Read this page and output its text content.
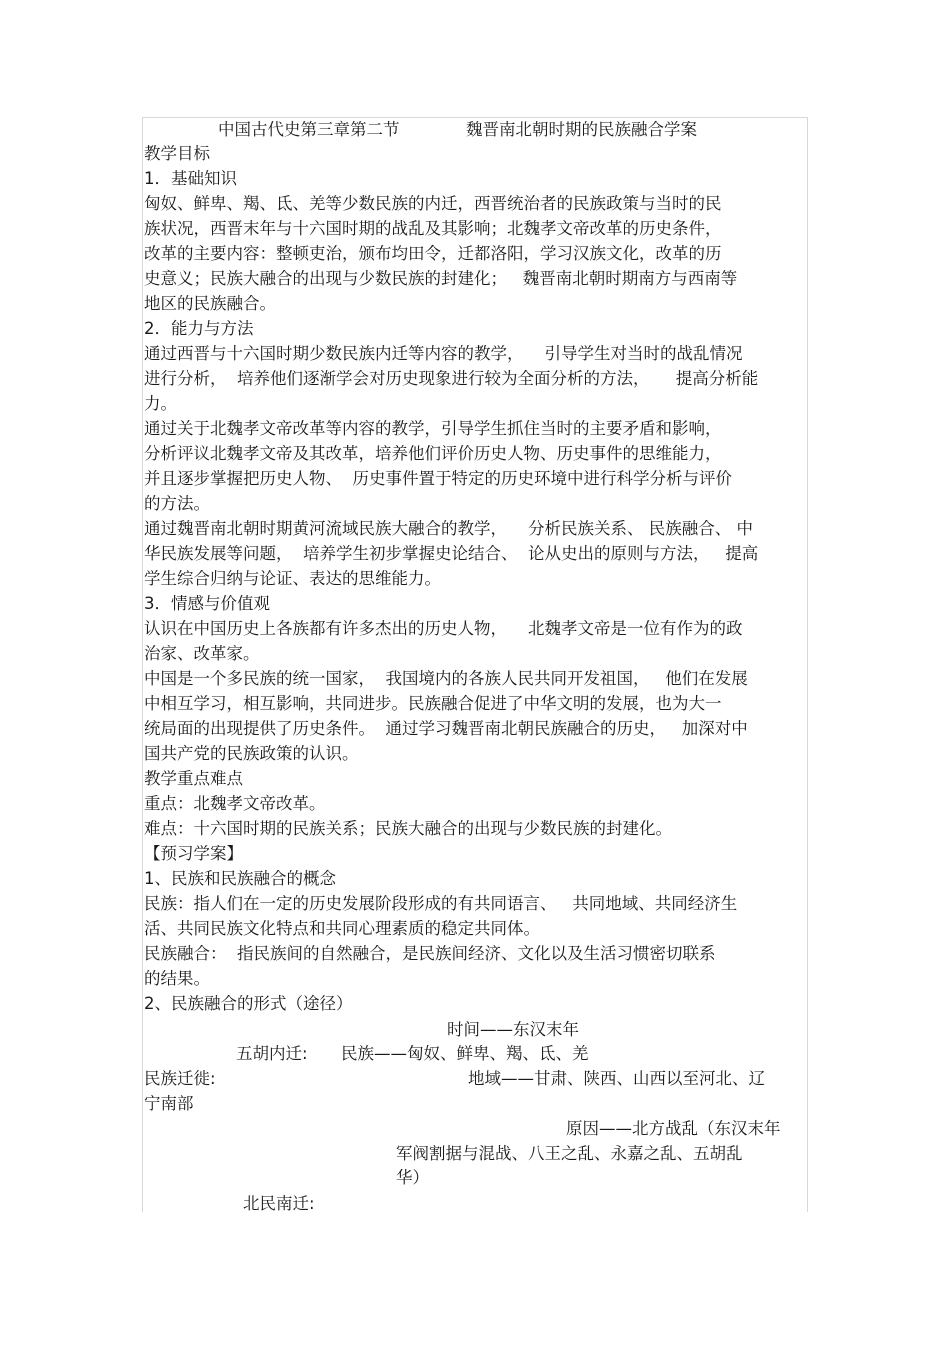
中国古代史第三章第二节	魏晋南北朝时期的民族融合学案
教学目标
1．基础知识
匈奴、鲜卑、羯、氐、羌等少数民族的内迁，西晋统治者的民族政策与当时的民
族状况，西晋末年与十六国时期的战乱及其影响；北魏孝文帝改革的历史条件，
改革的主要内容：整顿吏治，颁布均田令，迁都洛阳，学习汉族文化，改革的历
史意义；民族大融合的出现与少数民族的封建化；   魏晋南北朝时期南方与西南等
地区的民族融合。
2．能力与方法
通过西晋与十六国时期少数民族内迁等内容的教学，    引导学生对当时的战乱情况
进行分析，  培养他们逐渐学会对历史现象进行较为全面分析的方法，     提高分析能
力。
通过关于北魏孝文帝改革等内容的教学，引导学生抓住当时的主要矛盾和影响，
分析评议北魏孝文帝及其改革，培养他们评价历史人物、历史事件的思维能力，
并且逐步掌握把历史人物、  历史事件置于特定的历史环境中进行科学分析与评价
的方法。
通过魏晋南北朝时期黄河流域民族大融合的教学，    分析民族关系、 民族融合、 中
华民族发展等问题，  培养学生初步掌握史论结合、  论从史出的原则与方法，   提高
学生综合归纳与论证、表达的思维能力。
3．情感与价值观
认识在中国历史上各族都有许多杰出的历史人物，    北魏孝文帝是一位有作为的政
治家、改革家。
中国是一个多民族的统一国家，  我国境内的各族人民共同开发祖国，   他们在发展
中相互学习，相互影响，共同进步。民族融合促进了中华文明的发展，也为大一
统局面的出现提供了历史条件。  通过学习魏晋南北朝民族融合的历史，   加深对中
国共产党的民族政策的认识。
教学重点难点
重点：北魏孝文帝改革。
难点：十六国时期的民族关系；民族大融合的出现与少数民族的封建化。
【预习学案】
1、民族和民族融合的概念
民族：指人们在一定的历史发展阶段形成的有共同语言、   共同地域、共同经济生
活、共同民族文化特点和共同心理素质的稳定共同体。
民族融合：  指民族间的自然融合，是民族间经济、文化以及生活习惯密切联系
的结果。
2、民族融合的形式（途径）
时间——东汉末年
五胡内迁: 民族——匈奴、鲜卑、羯、氐、羌
民族迁徙:	地域——甘肃、陕西、山西以至河北、辽
宁南部
原因——北方战乱（东汉末年
军阀割据与混战、八王之乱、永嘉之乱、五胡乱
华）
北民南迁:
